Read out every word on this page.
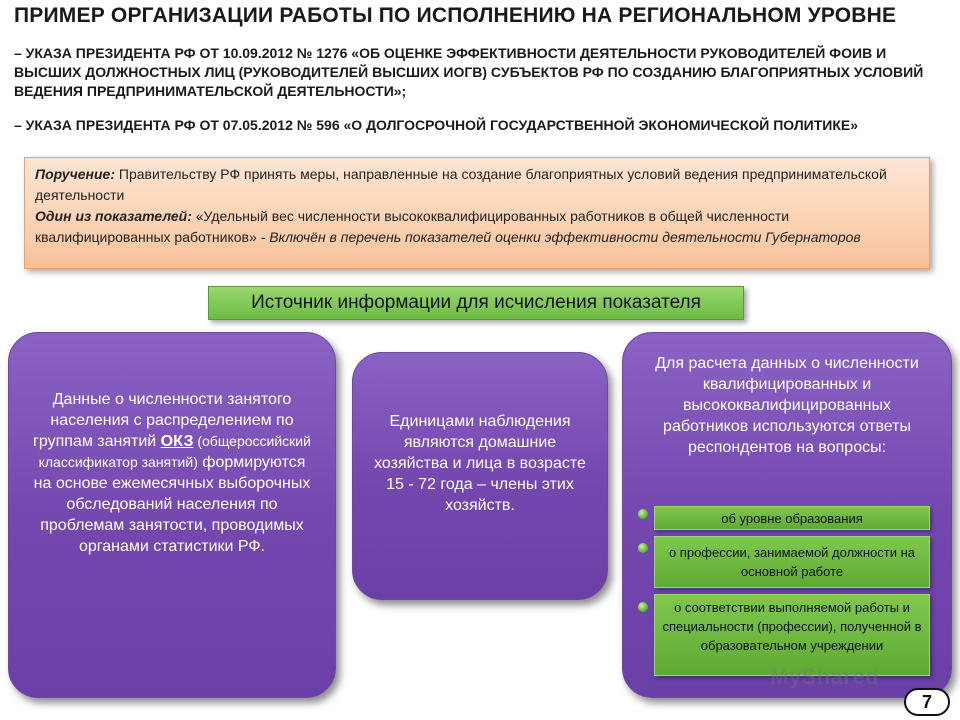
ПРИМЕР ОРГАНИЗАЦИИ РАБОТЫ ПО ИСПОЛНЕНИЮ НА РЕГИОНАЛЬНОМ УРОВНЕ
– УКАЗА ПРЕЗИДЕНТА РФ ОТ 10.09.2012 № 1276 «ОБ ОЦЕНКЕ ЭФФЕКТИВНОСТИ ДЕЯТЕЛЬНОСТИ РУКОВОДИТЕЛЕЙ ФОИВ И ВЫСШИХ ДОЛЖНОСТНЫХ ЛИЦ (РУКОВОДИТЕЛЕЙ ВЫСШИХ ИОГВ) СУБЪЕКТОВ РФ ПО СОЗДАНИЮ БЛАГОПРИЯТНЫХ УСЛОВИЙ ВЕДЕНИЯ ПРЕДПРИНИМАТЕЛЬСКОЙ ДЕЯТЕЛЬНОСТИ»;
– УКАЗА ПРЕЗИДЕНТА РФ ОТ 07.05.2012 № 596 «О ДОЛГОСРОЧНОЙ ГОСУДАРСТВЕННОЙ ЭКОНОМИЧЕСКОЙ ПОЛИТИКЕ»
Поручение: Правительству РФ принять меры, направленные на создание благоприятных условий ведения предпринимательской деятельности
Один из показателей: «Удельный вес численности высококвалифицированных работников в общей численности квалифицированных работников» - Включён в перечень показателей оценки эффективности деятельности Губернаторов
Источник информации для исчисления показателя
Данные о численности занятого населения с распределением по группам занятий ОКЗ (общероссийский классификатор занятий) формируются на основе ежемесячных выборочных обследований населения по проблемам занятости, проводимых органами статистики РФ.
Единицами наблюдения являются домашние хозяйства и лица в возрасте 15 - 72 года – члены этих хозяйств.
Для расчета данных о численности квалифицированных и высококвалифицированных работников используются ответы респондентов на вопросы:
об уровне образования
о профессии, занимаемой должности на основной работе
о соответствии выполняемой работы и специальности (профессии), полученной в образовательном учреждении
MyShared
7
